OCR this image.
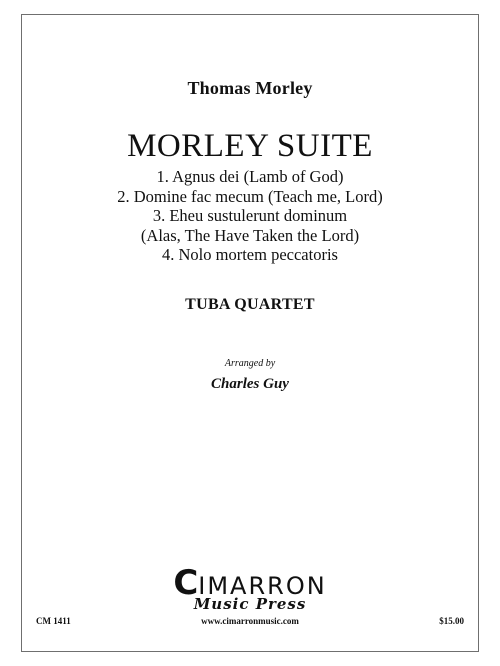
Thomas Morley
MORLEY SUITE
1. Agnus dei (Lamb of God)
2. Domine fac mecum (Teach me, Lord)
3. Eheu sustulerunt dominum
(Alas, The Have Taken the Lord)
4. Nolo mortem peccatoris
TUBA QUARTET
Arranged by
Charles Guy
CIMARRON
Music Press
CM 1411	www.cimarronmusic.com	$15.00
